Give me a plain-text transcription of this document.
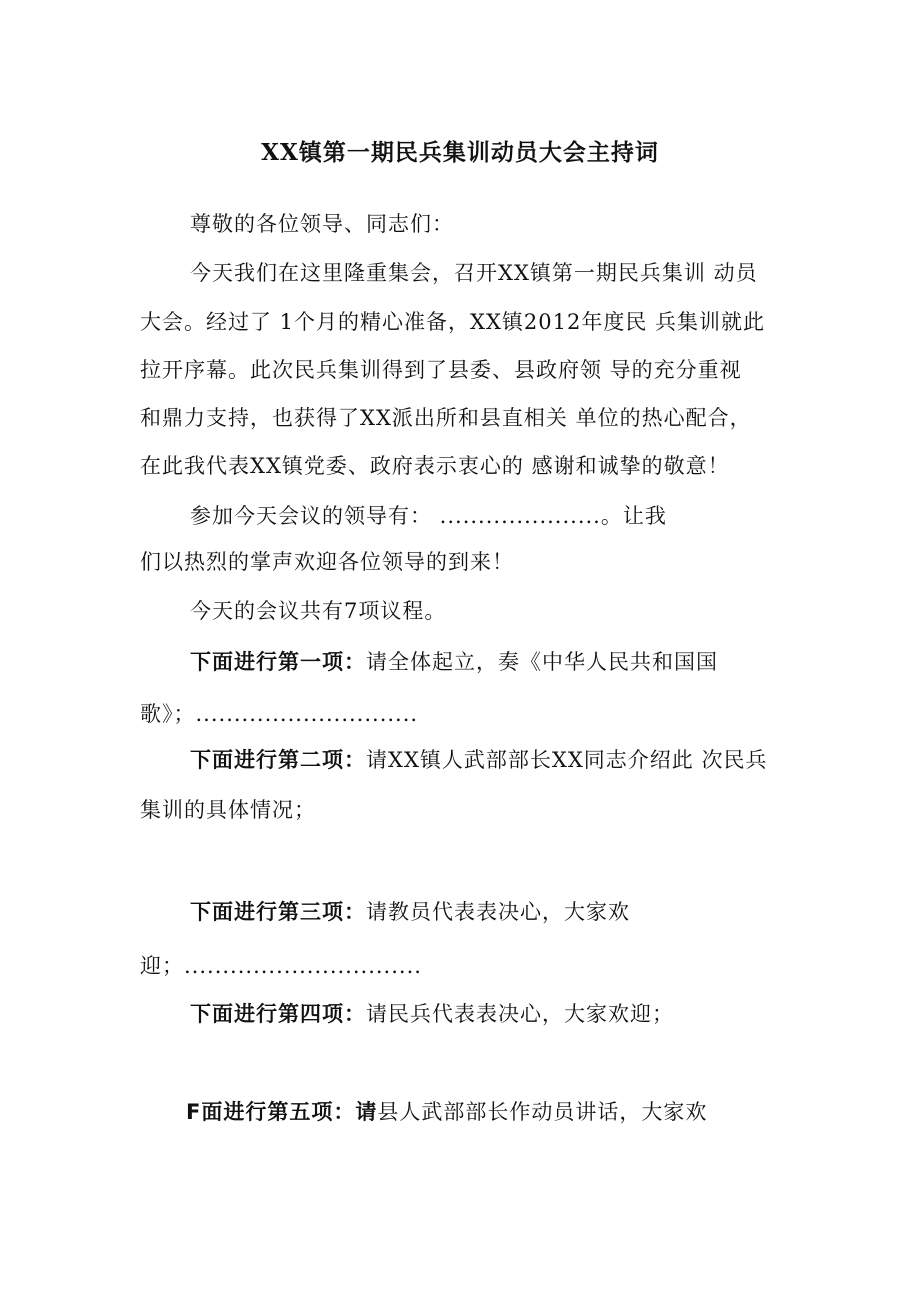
XX镇第一期民兵集训动员大会主持词
尊敬的各位领导、同志们：
今天我们在这里隆重集会，召开XX镇第一期民兵集训 动员
大会。经过了 1个月的精心准备，XX镇2012年度民 兵集训就此
拉开序幕。此次民兵集训得到了县委、县政府领 导的充分重视
和鼎力支持，也获得了XX派出所和县直相关 单位的热心配合，
在此我代表XX镇党委、政府表示衷心的 感谢和诚挚的敬意！
参加今天会议的领导有： .....................。让我
们以热烈的掌声欢迎各位领导的到来！
今天的会议共有7项议程。
下面进行第一项：请全体起立，奏《中华人民共和国国
歌》；.............................
下面进行第二项：请XX镇人武部部长XX同志介绍此 次民兵
集训的具体情况；
下面进行第三项：请教员代表表决心，大家欢
迎；...............................
下面进行第四项：请民兵代表表决心，大家欢迎；
F面进行第五项：请县人武部部长作动员讲话，大家欢
